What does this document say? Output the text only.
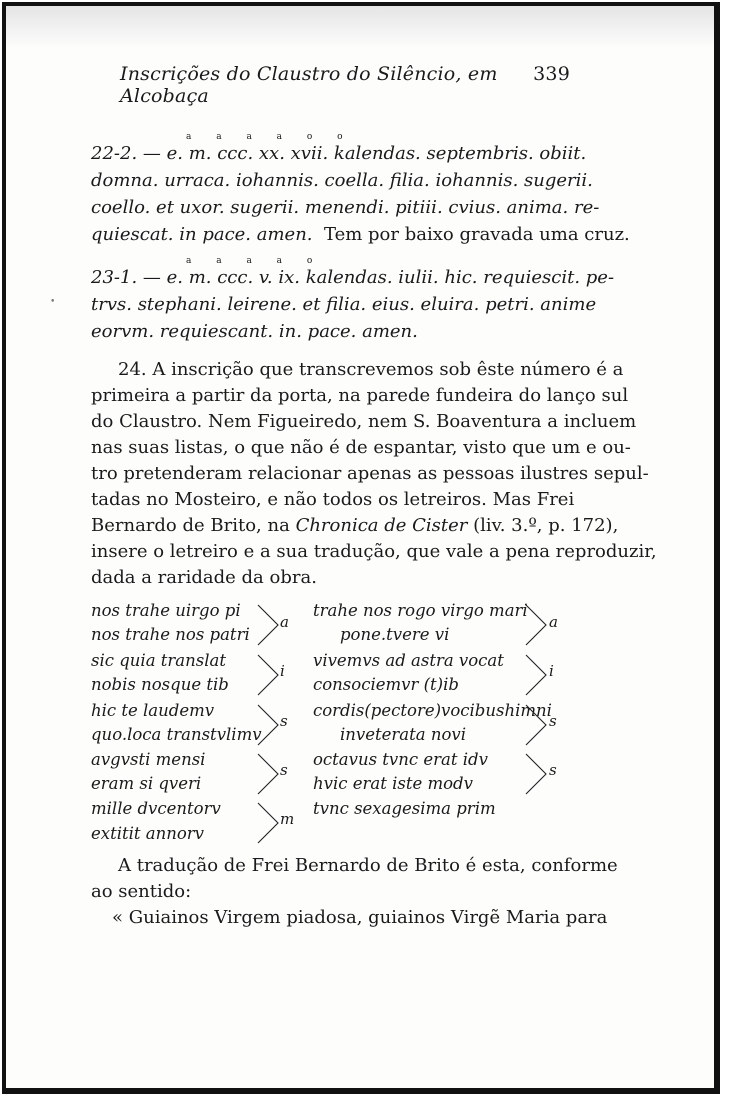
Inscrições do Claustro do Silêncio, em Alcobaça
339
a a a a o o
22-2. — e. m. ccc. xx. xvii. kalendas. septembris. obiit.
domna. urraca. iohannis. coella. filia. iohannis. sugerii.
coello. et uxor. sugerii. menendi. pitiii. cvius. anima. re-
quiescat. in pace. amen. Tem por baixo gravada uma cruz.
a a a a o
23-1. — e. m. ccc. v. ix. kalendas. iulii. hic. requiescit. pe-
trvs. stephani. leirene. et filia. eius. eluira. petri. anime
eorvm. requiescant. in. pace. amen.
•
24. A inscrição que transcrevemos sob êste número é a
primeira a partir da porta, na parede fundeira do lanço sul
do Claustro. Nem Figueiredo, nem S. Boaventura a incluem
nas suas listas, o que não é de espantar, visto que um e ou-
tro pretenderam relacionar apenas as pessoas ilustres sepul-
tadas no Mosteiro, e não todos os letreiros. Mas Frei
Bernardo de Brito, na Chronica de Cister (liv. 3.º, p. 172),
insere o letreiro e a sua tradução, que vale a pena reproduzir,
dada a raridade da obra.
nos trahe uirgo pi
nos trahe nos patri
sic quia translat
nobis nosque tib
hic te laudemv
quo.loca transtvlimv
avgvsti mensi
eram si qveri
mille dvcentorv
extitit annorv
trahe nos rogo virgo mari
pone.tvere vi
vivemvs ad astra vocat
consociemvr (t)ib
cordis(pectore)vocibushimni
inveterata novi
octavus tvnc erat idv
hvic erat iste modv
tvnc sexagesima prim
a
i
s
s
m
a
i
s
s
A tradução de Frei Bernardo de Brito é esta, conforme
ao sentido:
« Guiainos Virgem piadosa, guiainos Virgẽ Maria para
